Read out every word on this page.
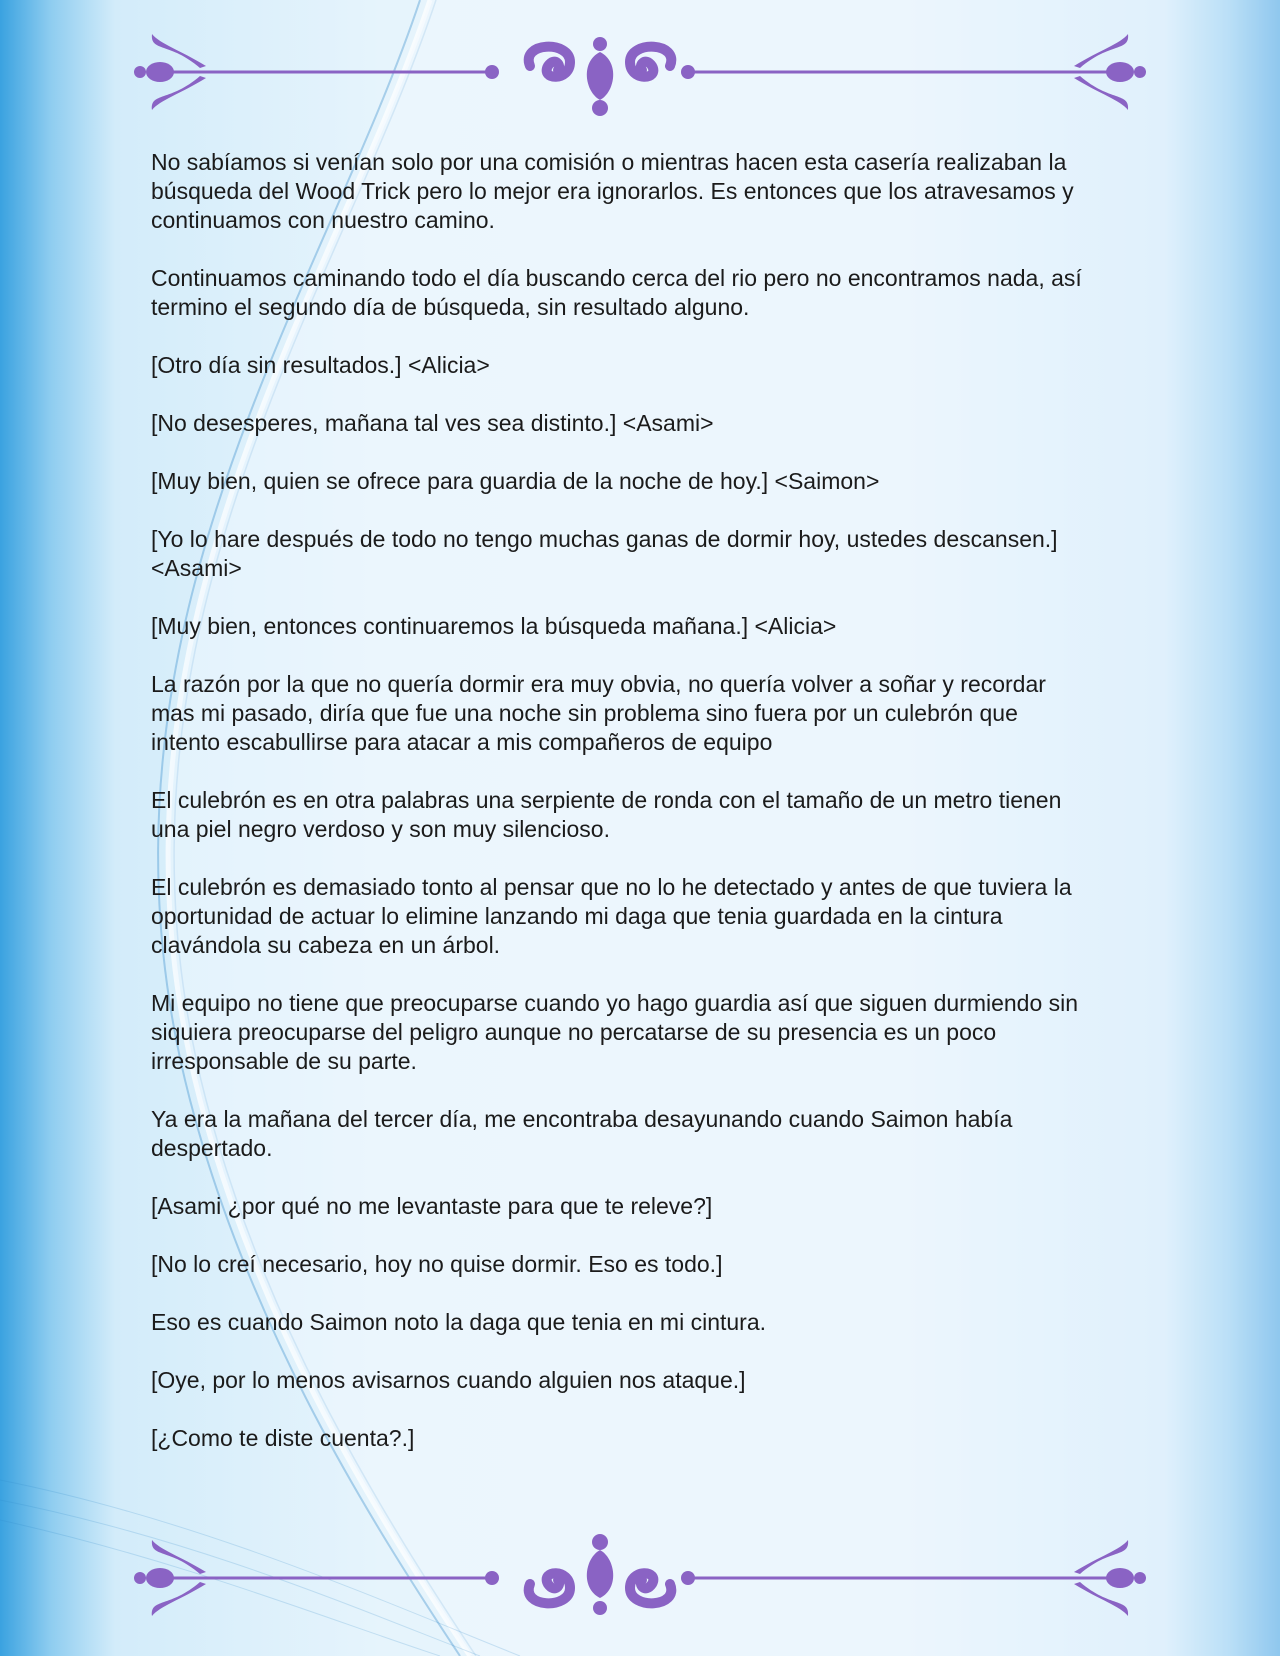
No sabíamos si venían solo por una comisión o mientras hacen esta casería realizaban la búsqueda del Wood Trick pero lo mejor era ignorarlos. Es entonces que los atravesamos y continuamos con nuestro camino.

Continuamos caminando todo el día buscando cerca del rio pero no encontramos nada, así termino el segundo día de búsqueda, sin resultado alguno.

[Otro día sin resultados.] <Alicia>

[No desesperes, mañana tal ves sea distinto.] <Asami>

[Muy bien, quien se ofrece para guardia de la noche de hoy.] <Saimon>

[Yo lo hare después de todo no tengo muchas ganas de dormir hoy, ustedes descansen.] <Asami>

[Muy bien, entonces continuaremos la búsqueda mañana.] <Alicia>

La razón por la que no quería dormir era muy obvia, no quería volver a soñar y recordar mas mi pasado, diría que fue una noche sin problema sino fuera por un culebrón que intento escabullirse para atacar a mis compañeros de equipo

El culebrón es en otra palabras una serpiente de ronda con el tamaño de un metro tienen una piel negro verdoso y son muy silencioso.

El culebrón es demasiado tonto al pensar que no lo he detectado y antes de que tuviera la oportunidad de actuar lo elimine lanzando mi daga que tenia guardada en la cintura clavándola su cabeza en un árbol.

Mi equipo no tiene que preocuparse cuando yo hago guardia así que siguen durmiendo sin siquiera preocuparse del peligro aunque no percatarse de su presencia es un poco irresponsable de su parte.

Ya era la mañana del tercer día, me encontraba desayunando cuando Saimon había despertado.

[Asami ¿por qué no me levantaste para que te releve?]

[No lo creí necesario, hoy no quise dormir. Eso es todo.]

Eso es cuando Saimon noto la daga que tenia en mi cintura.

[Oye, por lo menos avisarnos cuando alguien nos ataque.]

[¿Como te diste cuenta?.]
